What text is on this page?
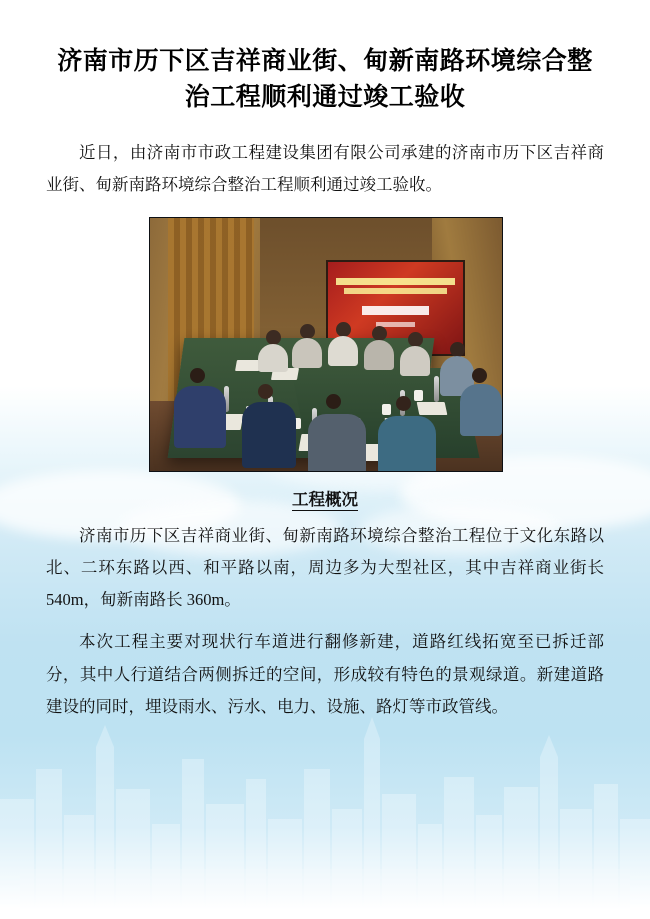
济南市历下区吉祥商业街、甸新南路环境综合整治工程顺利通过竣工验收

近日，由济南市市政工程建设集团有限公司承建的济南市历下区吉祥商业街、甸新南路环境综合整治工程顺利通过竣工验收。

工程概况

济南市历下区吉祥商业街、甸新南路环境综合整治工程位于文化东路以北、二环东路以西、和平路以南，周边多为大型社区，其中吉祥商业街长 540m，甸新南路长 360m。

本次工程主要对现状行车道进行翻修新建，道路红线拓宽至已拆迁部分，其中人行道结合两侧拆迁的空间，形成较有特色的景观绿道。新建道路建设的同时，埋设雨水、污水、电力、设施、路灯等市政管线。
